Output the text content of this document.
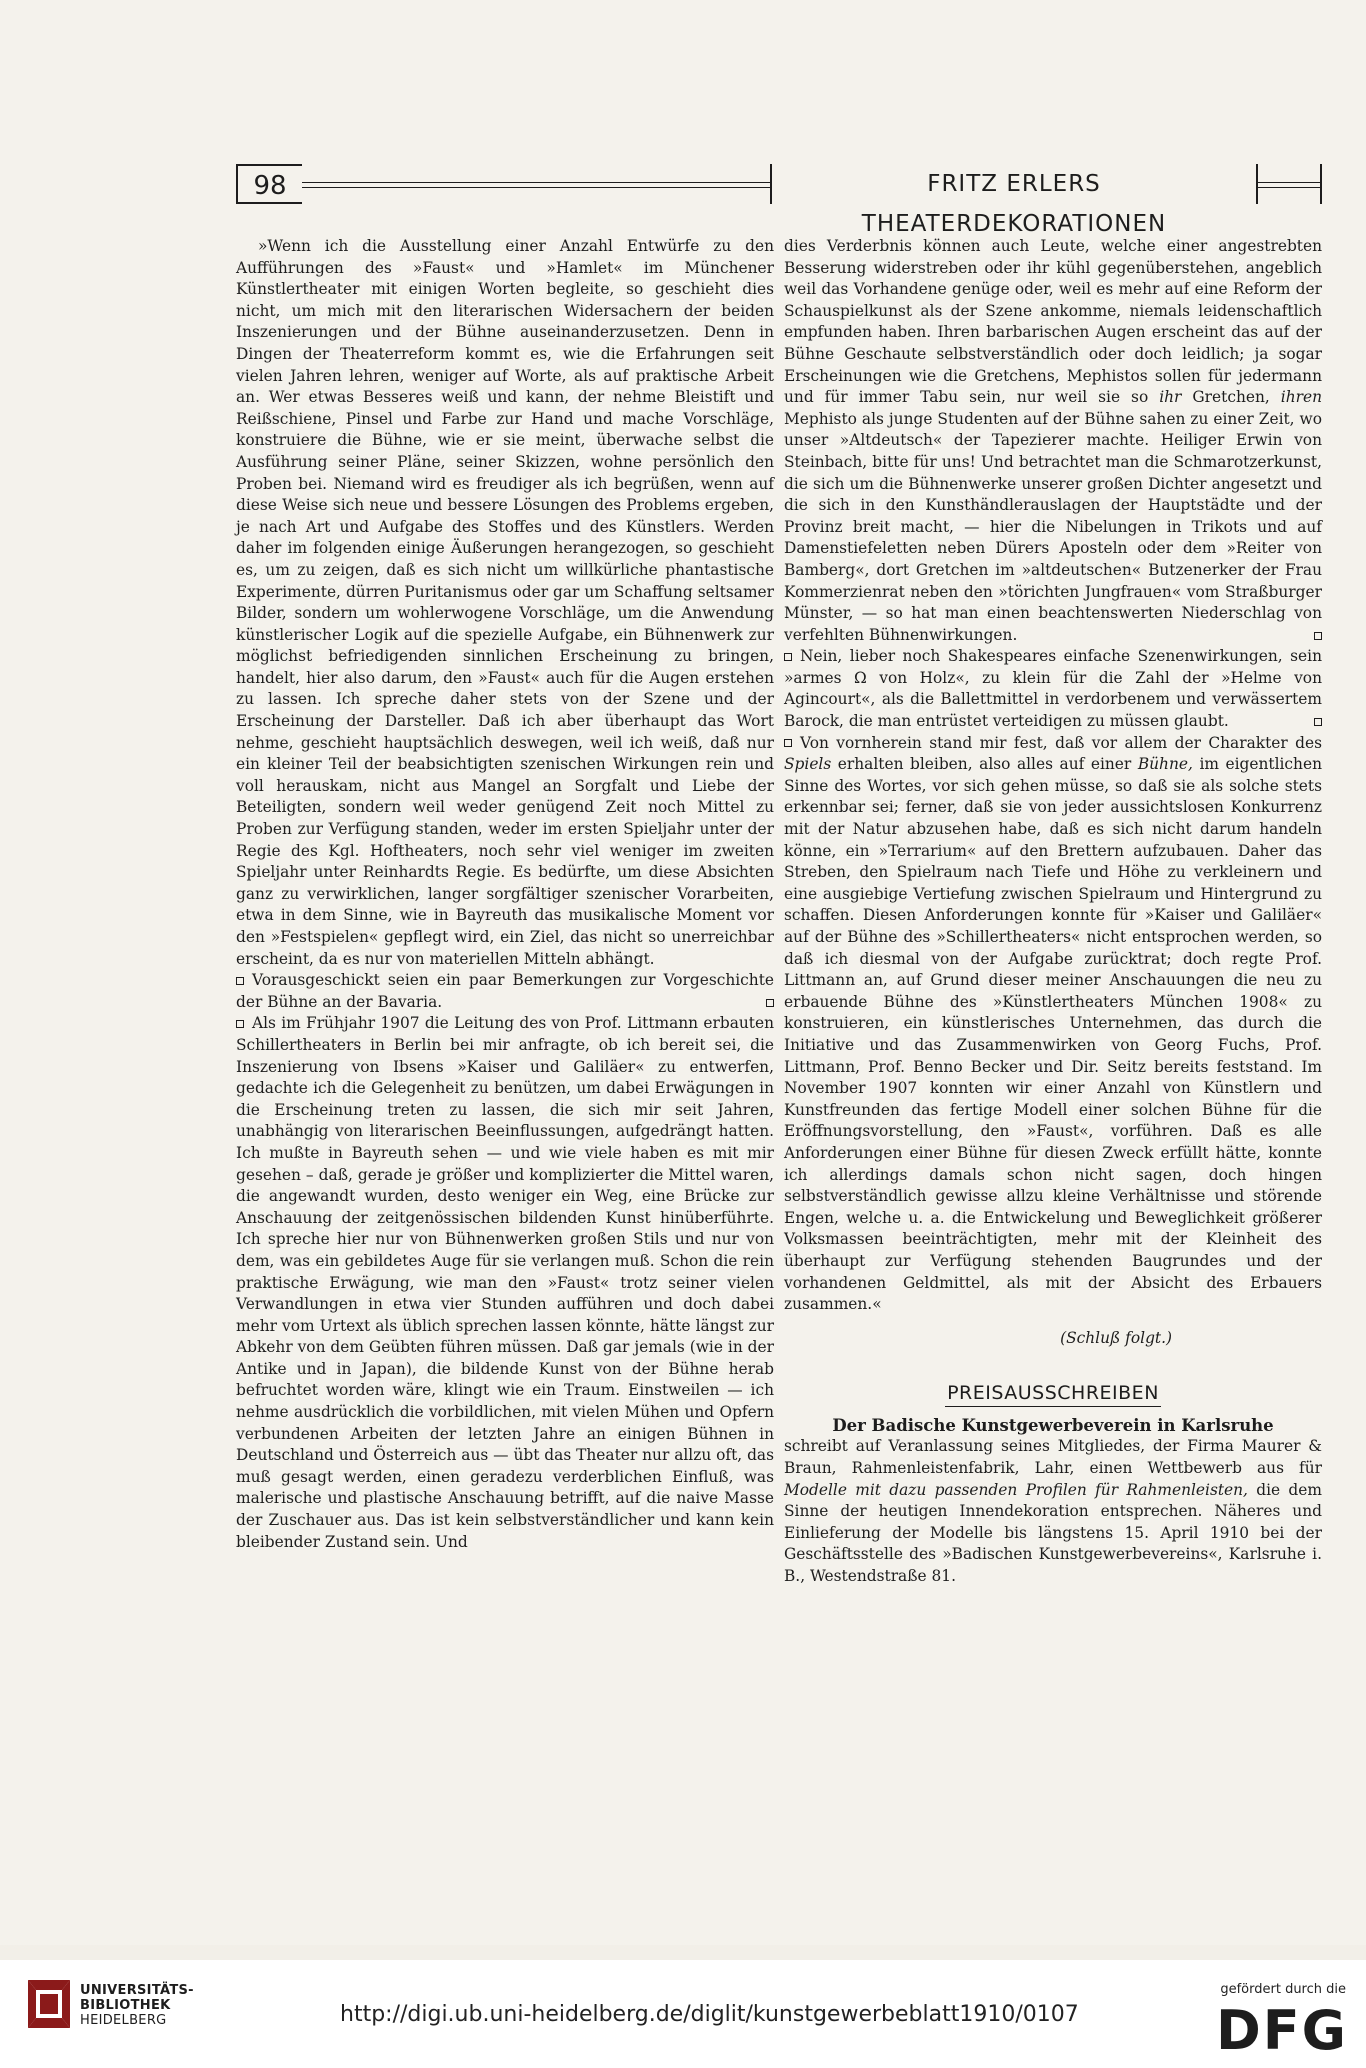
98	FRITZ ERLERS THEATERDEKORATIONEN

»Wenn ich die Ausstellung einer Anzahl Entwürfe zu den Aufführungen des »Faust« und »Hamlet« im Münchener Künstlertheater mit einigen Worten begleite, so geschieht dies nicht, um mich mit den literarischen Widersachern der beiden Inszenierungen und der Bühne auseinanderzusetzen. Denn in Dingen der Theaterreform kommt es, wie die Erfahrungen seit vielen Jahren lehren, weniger auf Worte, als auf praktische Arbeit an. Wer etwas Besseres weiß und kann, der nehme Bleistift und Reißschiene, Pinsel und Farbe zur Hand und mache Vorschläge, konstruiere die Bühne, wie er sie meint, überwache selbst die Ausführung seiner Pläne, seiner Skizzen, wohne persönlich den Proben bei. Niemand wird es freudiger als ich begrüßen, wenn auf diese Weise sich neue und bessere Lösungen des Problems ergeben, je nach Art und Aufgabe des Stoffes und des Künstlers. Werden daher im folgenden einige Äußerungen herangezogen, so geschieht es, um zu zeigen, daß es sich nicht um willkürliche phantastische Experimente, dürren Puritanismus oder gar um Schaffung seltsamer Bilder, sondern um wohlerwogene Vorschläge, um die Anwendung künstlerischer Logik auf die spezielle Aufgabe, ein Bühnenwerk zur möglichst befriedigenden sinnlichen Erscheinung zu bringen, handelt, hier also darum, den »Faust« auch für die Augen erstehen zu lassen. Ich spreche daher stets von der Szene und der Erscheinung der Darsteller. Daß ich aber überhaupt das Wort nehme, geschieht hauptsächlich deswegen, weil ich weiß, daß nur ein kleiner Teil der beabsichtigten szenischen Wirkungen rein und voll herauskam, nicht aus Mangel an Sorgfalt und Liebe der Beteiligten, sondern weil weder genügend Zeit noch Mittel zu Proben zur Verfügung standen, weder im ersten Spieljahr unter der Regie des Kgl. Hoftheaters, noch sehr viel weniger im zweiten Spieljahr unter Reinhardts Regie. Es bedürfte, um diese Absichten ganz zu verwirklichen, langer sorgfältiger szenischer Vorarbeiten, etwa in dem Sinne, wie in Bayreuth das musikalische Moment vor den »Festspielen« gepflegt wird, ein Ziel, das nicht so unerreichbar erscheint, da es nur von materiellen Mitteln abhängt.

Vorausgeschickt seien ein paar Bemerkungen zur Vorgeschichte der Bühne an der Bavaria.

Als im Frühjahr 1907 die Leitung des von Prof. Littmann erbauten Schillertheaters in Berlin bei mir anfragte, ob ich bereit sei, die Inszenierung von Ibsens »Kaiser und Galiläer« zu entwerfen, gedachte ich die Gelegenheit zu benützen, um dabei Erwägungen in die Erscheinung treten zu lassen, die sich mir seit Jahren, unabhängig von literarischen Beeinflussungen, aufgedrängt hatten. Ich mußte in Bayreuth sehen — und wie viele haben es mit mir gesehen – daß, gerade je größer und komplizierter die Mittel waren, die angewandt wurden, desto weniger ein Weg, eine Brücke zur Anschauung der zeitgenössischen bildenden Kunst hinüberführte. Ich spreche hier nur von Bühnenwerken großen Stils und nur von dem, was ein gebildetes Auge für sie verlangen muß. Schon die rein praktische Erwägung, wie man den »Faust« trotz seiner vielen Verwandlungen in etwa vier Stunden aufführen und doch dabei mehr vom Urtext als üblich sprechen lassen könnte, hätte längst zur Abkehr von dem Geübten führen müssen. Daß gar jemals (wie in der Antike und in Japan), die bildende Kunst von der Bühne herab befruchtet worden wäre, klingt wie ein Traum. Einstweilen — ich nehme ausdrücklich die vorbildlichen, mit vielen Mühen und Opfern verbundenen Arbeiten der letzten Jahre an einigen Bühnen in Deutschland und Österreich aus — übt das Theater nur allzu oft, das muß gesagt werden, einen geradezu verderblichen Einfluß, was malerische und plastische Anschauung betrifft, auf die naive Masse der Zuschauer aus. Das ist kein selbstverständlicher und kann kein bleibender Zustand sein. Und

dies Verderbnis können auch Leute, welche einer angestrebten Besserung widerstreben oder ihr kühl gegenüberstehen, angeblich weil das Vorhandene genüge oder, weil es mehr auf eine Reform der Schauspielkunst als der Szene ankomme, niemals leidenschaftlich empfunden haben. Ihren barbarischen Augen erscheint das auf der Bühne Geschaute selbstverständlich oder doch leidlich; ja sogar Erscheinungen wie die Gretchens, Mephistos sollen für jedermann und für immer Tabu sein, nur weil sie so ihr Gretchen, ihren Mephisto als junge Studenten auf der Bühne sahen zu einer Zeit, wo unser »Altdeutsch« der Tapezierer machte. Heiliger Erwin von Steinbach, bitte für uns! Und betrachtet man die Schmarotzerkunst, die sich um die Bühnenwerke unserer großen Dichter angesetzt und die sich in den Kunsthändlerauslagen der Hauptstädte und der Provinz breit macht, — hier die Nibelungen in Trikots und auf Damenstiefeletten neben Dürers Aposteln oder dem »Reiter von Bamberg«, dort Gretchen im »altdeutschen« Butzenerker der Frau Kommerzienrat neben den »törichten Jungfrauen« vom Straßburger Münster, — so hat man einen beachtenswerten Niederschlag von verfehlten Bühnenwirkungen.

Nein, lieber noch Shakespeares einfache Szenenwirkungen, sein »armes Ω von Holz«, zu klein für die Zahl der »Helme von Agincourt«, als die Ballettmittel in verdorbenem und verwässertem Barock, die man entrüstet verteidigen zu müssen glaubt.

Von vornherein stand mir fest, daß vor allem der Charakter des Spiels erhalten bleiben, also alles auf einer Bühne, im eigentlichen Sinne des Wortes, vor sich gehen müsse, so daß sie als solche stets erkennbar sei; ferner, daß sie von jeder aussichtslosen Konkurrenz mit der Natur abzusehen habe, daß es sich nicht darum handeln könne, ein »Terrarium« auf den Brettern aufzubauen. Daher das Streben, den Spielraum nach Tiefe und Höhe zu verkleinern und eine ausgiebige Vertiefung zwischen Spielraum und Hintergrund zu schaffen. Diesen Anforderungen konnte für »Kaiser und Galiläer« auf der Bühne des »Schillertheaters« nicht entsprochen werden, so daß ich diesmal von der Aufgabe zurücktrat; doch regte Prof. Littmann an, auf Grund dieser meiner Anschauungen die neu zu erbauende Bühne des »Künstlertheaters München 1908« zu konstruieren, ein künstlerisches Unternehmen, das durch die Initiative und das Zusammenwirken von Georg Fuchs, Prof. Littmann, Prof. Benno Becker und Dir. Seitz bereits feststand. Im November 1907 konnten wir einer Anzahl von Künstlern und Kunstfreunden das fertige Modell einer solchen Bühne für die Eröffnungsvorstellung, den »Faust«, vorführen. Daß es alle Anforderungen einer Bühne für diesen Zweck erfüllt hätte, konnte ich allerdings damals schon nicht sagen, doch hingen selbstverständlich gewisse allzu kleine Verhältnisse und störende Engen, welche u. a. die Entwickelung und Beweglichkeit größerer Volksmassen beeinträchtigten, mehr mit der Kleinheit des überhaupt zur Verfügung stehenden Baugrundes und der vorhandenen Geldmittel, als mit der Absicht des Erbauers zusammen.«

(Schluß folgt.)
PREISAUSSCHREIBEN
Der Badische Kunstgewerbeverein in Karlsruhe

schreibt auf Veranlassung seines Mitgliedes, der Firma Maurer & Braun, Rahmenleistenfabrik, Lahr, einen Wettbewerb aus für Modelle mit dazu passenden Profilen für Rahmenleisten, die dem Sinne der heutigen Innendekoration entsprechen. Näheres und Einlieferung der Modelle bis längstens 15. April 1910 bei der Geschäftsstelle des »Badischen Kunstgewerbevereins«, Karlsruhe i. B., Westendstraße 81.

UNIVERSITÄTS-
BIBLIOTHEK
HEIDELBERG	http://digi.ub.uni-heidelberg.de/diglit/kunstgewerbeblatt1910/0107
gefördert durch die
DFG
